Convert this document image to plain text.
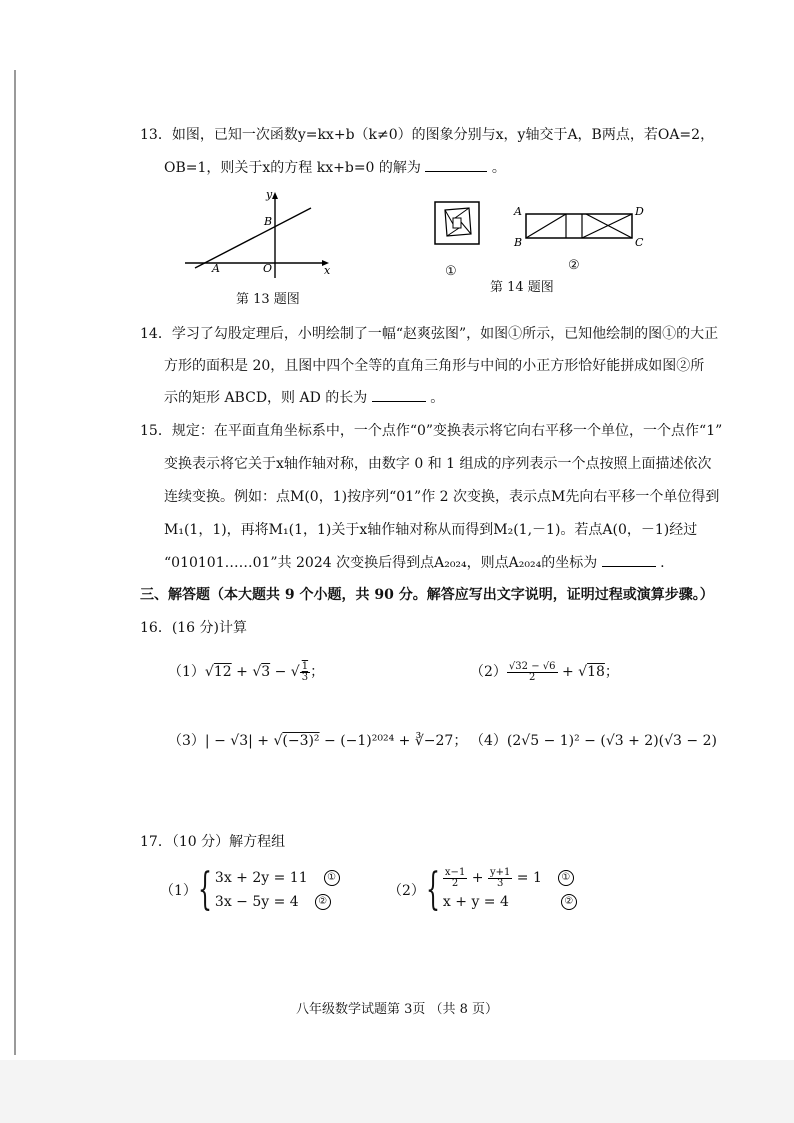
13．如图，已知一次函数y=kx+b（k≠0）的图象分别与x，y轴交于A，B两点，若OA=2，
OB=1，则关于x的方程 kx+b=0 的解为	。
y
x
B
A	O
第 13 题图
①
A	D
B	C
②
第 14 题图
14．学习了勾股定理后，小明绘制了一幅“赵爽弦图”，如图①所示，已知他绘制的图①的大正
方形的面积是 20，且图中四个全等的直角三角形与中间的小正方形恰好能拼成如图②所
示的矩形 ABCD，则 AD 的长为	。
15．规定：在平面直角坐标系中，一个点作“0”变换表示将它向右平移一个单位，一个点作“1”
变换表示将它关于x轴作轴对称，由数字 0 和 1 组成的序列表示一个点按照上面描述依次
连续变换。例如：点M(0，1)按序列“01”作 2 次变换，表示点M先向右平移一个单位得到
M₁(1，1)，再将M₁(1，1)关于x轴作轴对称从而得到M₂(1,－1)。若点A(0，－1)经过
“010101……01”共 2024 次变换后得到点A₂₀₂₄，则点A₂₀₂₄的坐标为	.
三、解答题（本大题共 9 个小题，共 90 分。解答应写出文字说明，证明过程或演算步骤。）
16．(16 分)计算
（1）√12 + √3 − √ $\frac{1}{3}$ ；	$(2) \frac{√32 - √6}{2} + √18$；
（3）| − √3| + √(−3)² − (−1)²⁰²⁴ + ∛−27； （4）(2√5 − 1)² − (√3 + 2)(√3 − 2)
17．（10 分）解方程组
（1） { 3x + 2y = 11 ①
3x − 5y = 4 ②
（2） { $\frac{x-1}{2} + \frac{y+1}{3} = 1$ ①
x + y = 4	②
八年级数学试题第 3页 （共 8 页）
